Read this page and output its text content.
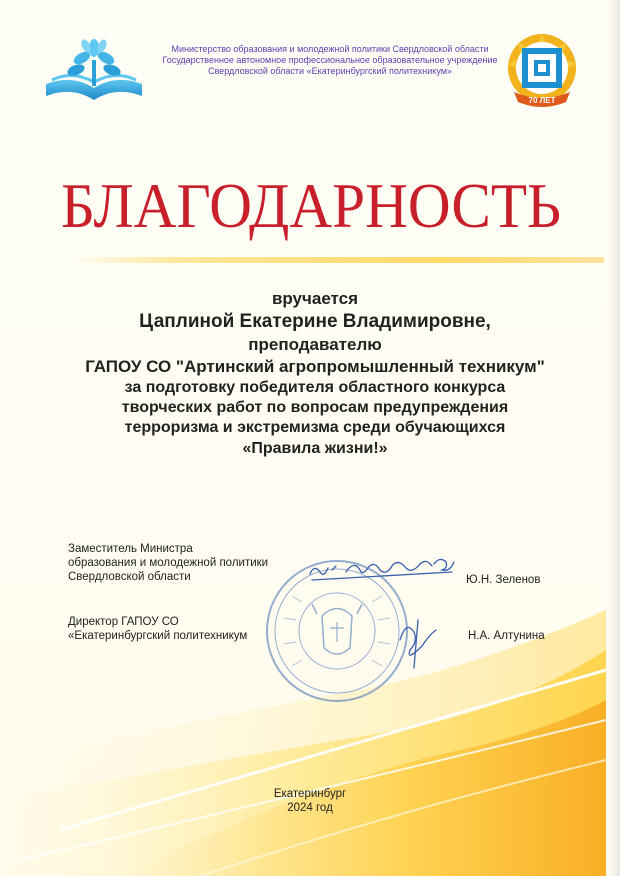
Министерство образования и молодежной политики Свердловской области
Государственное автономное профессиональное образовательное учреждение
Свердловской области «Екатеринбургский политехникум»
70 ЛЕТ
БЛАГОДАРНОСТЬ
вручается
Цаплиной Екатерине Владимировне,
преподавателю
ГАПОУ СО "Артинский агропромышленный техникум"
за подготовку победителя областного конкурса
творческих работ по вопросам предупреждения
терроризма и экстремизма среди обучающихся
«Правила жизни!»
Заместитель Министра
образования и молодежной политики
Свердловской области	Ю.Н. Зеленов
Директор ГАПОУ СО
«Екатеринбургский политехникум	Н.А. Алтунина
Екатеринбург
2024 год
